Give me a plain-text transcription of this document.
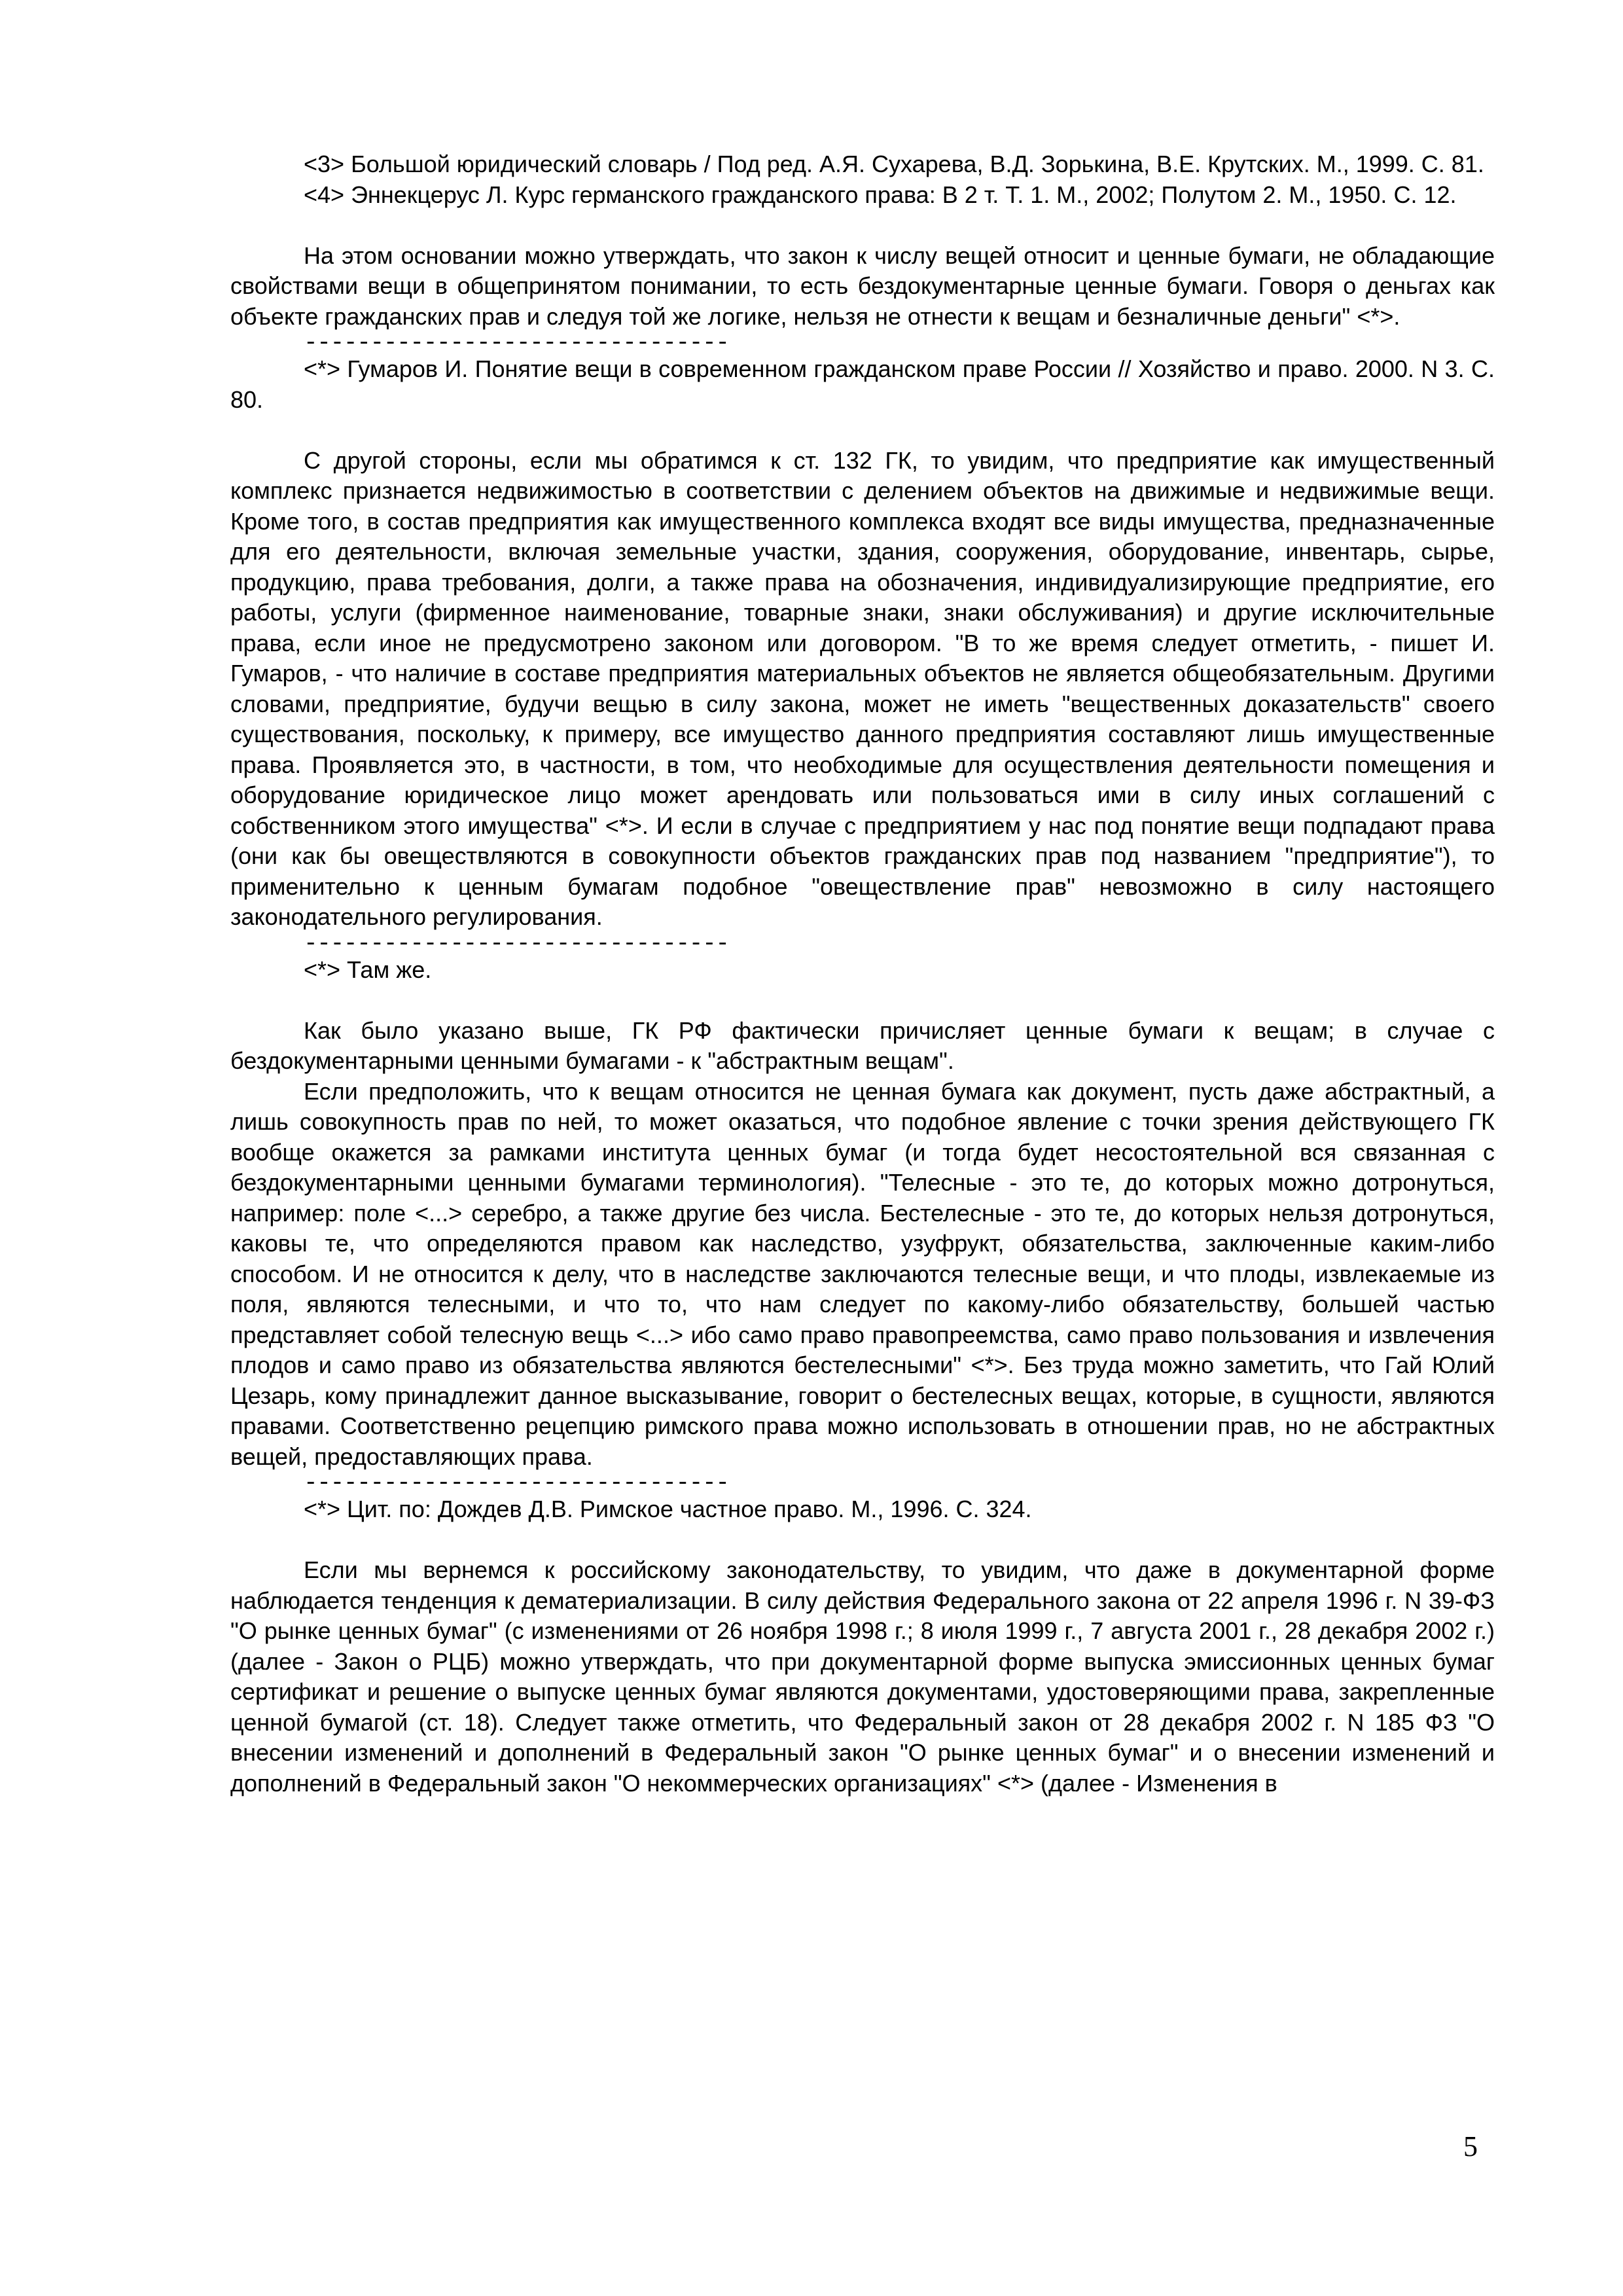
<3> Большой юридический словарь / Под ред. А.Я. Сухарева, В.Д. Зорькина, В.Е. Крутских. М., 1999. С. 81.

<4> Эннекцерус Л. Курс германского гражданского права: В 2 т. Т. 1. М., 2002; Полутом 2. М., 1950. С. 12.

На этом основании можно утверждать, что закон к числу вещей относит и ценные бумаги, не обладающие свойствами вещи в общепринятом понимании, то есть бездокументарные ценные бумаги. Говоря о деньгах как объекте гражданских прав и следуя той же логике, нельзя не отнести к вещам и безналичные деньги" <*>.

--------------------------------

<*> Гумаров И. Понятие вещи в современном гражданском праве России // Хозяйство и право. 2000. N 3. С. 80.

С другой стороны, если мы обратимся к ст. 132 ГК, то увидим, что предприятие как имущественный комплекс признается недвижимостью в соответствии с делением объектов на движимые и недвижимые вещи. Кроме того, в состав предприятия как имущественного комплекса входят все виды имущества, предназначенные для его деятельности, включая земельные участки, здания, сооружения, оборудование, инвентарь, сырье, продукцию, права требования, долги, а также права на обозначения, индивидуализирующие предприятие, его работы, услуги (фирменное наименование, товарные знаки, знаки обслуживания) и другие исключительные права, если иное не предусмотрено законом или договором. "В то же время следует отметить, - пишет И. Гумаров, - что наличие в составе предприятия материальных объектов не является общеобязательным. Другими словами, предприятие, будучи вещью в силу закона, может не иметь "вещественных доказательств" своего существования, поскольку, к примеру, все имущество данного предприятия составляют лишь имущественные права. Проявляется это, в частности, в том, что необходимые для осуществления деятельности помещения и оборудование юридическое лицо может арендовать или пользоваться ими в силу иных соглашений с собственником этого имущества" <*>. И если в случае с предприятием у нас под понятие вещи подпадают права (они как бы овеществляются в совокупности объектов гражданских прав под названием "предприятие"), то применительно к ценным бумагам подобное "овеществление прав" невозможно в силу настоящего законодательного регулирования.

--------------------------------

<*> Там же.

Как было указано выше, ГК РФ фактически причисляет ценные бумаги к вещам; в случае с бездокументарными ценными бумагами - к "абстрактным вещам".

Если предположить, что к вещам относится не ценная бумага как документ, пусть даже абстрактный, а лишь совокупность прав по ней, то может оказаться, что подобное явление с точки зрения действующего ГК вообще окажется за рамками института ценных бумаг (и тогда будет несостоятельной вся связанная с бездокументарными ценными бумагами терминология). "Телесные - это те, до которых можно дотронуться, например: поле <...> серебро, а также другие без числа. Бестелесные - это те, до которых нельзя дотронуться, каковы те, что определяются правом как наследство, узуфрукт, обязательства, заключенные каким-либо способом. И не относится к делу, что в наследстве заключаются телесные вещи, и что плоды, извлекаемые из поля, являются телесными, и что то, что нам следует по какому-либо обязательству, большей частью представляет собой телесную вещь <...> ибо само право правопреемства, само право пользования и извлечения плодов и само право из обязательства являются бестелесными" <*>. Без труда можно заметить, что Гай Юлий Цезарь, кому принадлежит данное высказывание, говорит о бестелесных вещах, которые, в сущности, являются правами. Соответственно рецепцию римского права можно использовать в отношении прав, но не абстрактных вещей, предоставляющих права.

--------------------------------

<*> Цит. по: Дождев Д.В. Римское частное право. М., 1996. С. 324.

Если мы вернемся к российскому законодательству, то увидим, что даже в документарной форме наблюдается тенденция к дематериализации. В силу действия Федерального закона от 22 апреля 1996 г. N 39-ФЗ "О рынке ценных бумаг" (с изменениями от 26 ноября 1998 г.; 8 июля 1999 г., 7 августа 2001 г., 28 декабря 2002 г.) (далее - Закон о РЦБ) можно утверждать, что при документарной форме выпуска эмиссионных ценных бумаг сертификат и решение о выпуске ценных бумаг являются документами, удостоверяющими права, закрепленные ценной бумагой (ст. 18). Следует также отметить, что Федеральный закон от 28 декабря 2002 г. N 185 ФЗ "О внесении изменений и дополнений в Федеральный закон "О рынке ценных бумаг" и о внесении изменений и дополнений в Федеральный закон "О некоммерческих организациях" <*> (далее - Изменения в

5
